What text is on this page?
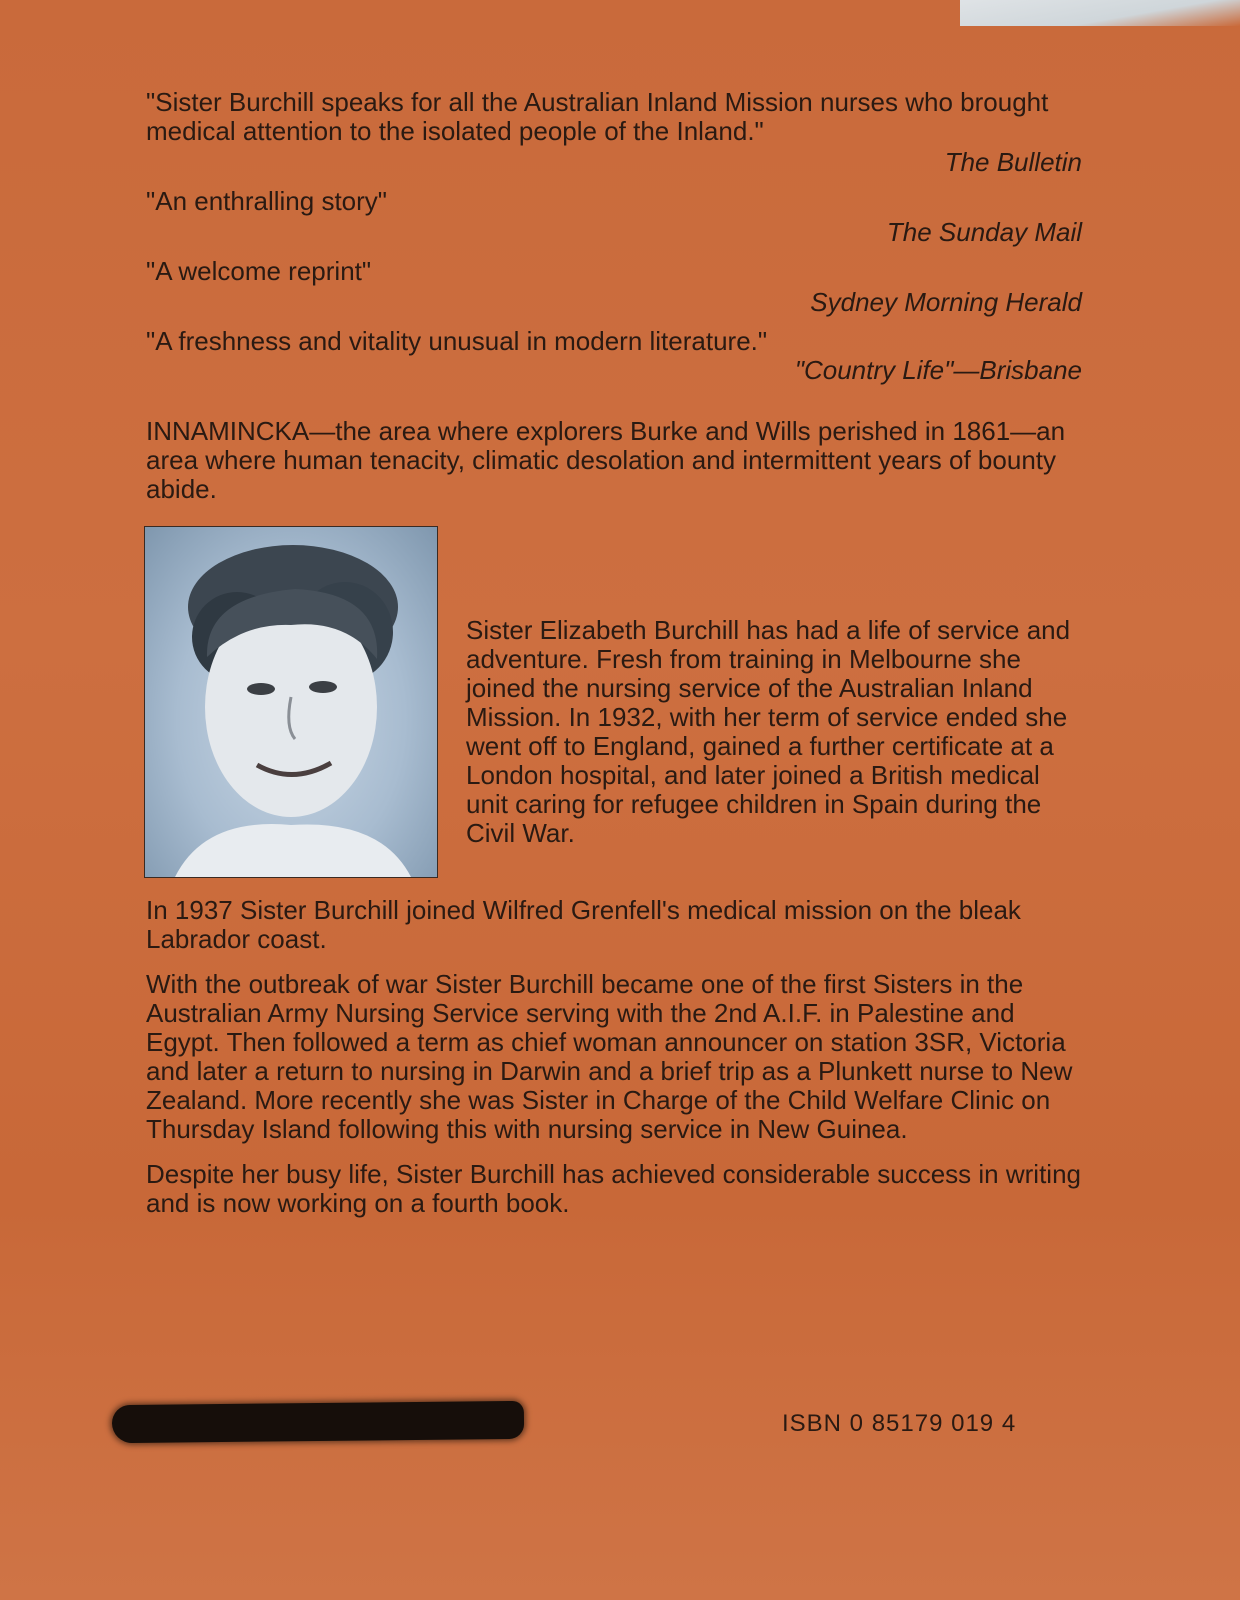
"Sister Burchill speaks for all the Australian Inland Mission nurses who brought medical attention to the isolated people of the Inland."

The Bulletin

"An enthralling story"

The Sunday Mail

"A welcome reprint"

Sydney Morning Herald

"A freshness and vitality unusual in modern literature."

"Country Life"—Brisbane

INNAMINCKA—the area where explorers Burke and Wills perished in 1861—an area where human tenacity, climatic desolation and intermittent years of bounty abide.

Sister Elizabeth Burchill has had a life of service and adventure. Fresh from training in Melbourne she joined the nursing service of the Australian Inland Mission. In 1932, with her term of service ended she went off to England, gained a further certificate at a London hospital, and later joined a British medical unit caring for refugee children in Spain during the Civil War.

In 1937 Sister Burchill joined Wilfred Grenfell's medical mission on the bleak Labrador coast.

With the outbreak of war Sister Burchill became one of the first Sisters in the Australian Army Nursing Service serving with the 2nd A.I.F. in Palestine and Egypt. Then followed a term as chief woman announcer on station 3SR, Victoria and later a return to nursing in Darwin and a brief trip as a Plunkett nurse to New Zealand. More recently she was Sister in Charge of the Child Welfare Clinic on Thursday Island following this with nursing service in New Guinea.

Despite her busy life, Sister Burchill has achieved considerable success in writing and is now working on a fourth book.

ISBN 0 85179 019 4
